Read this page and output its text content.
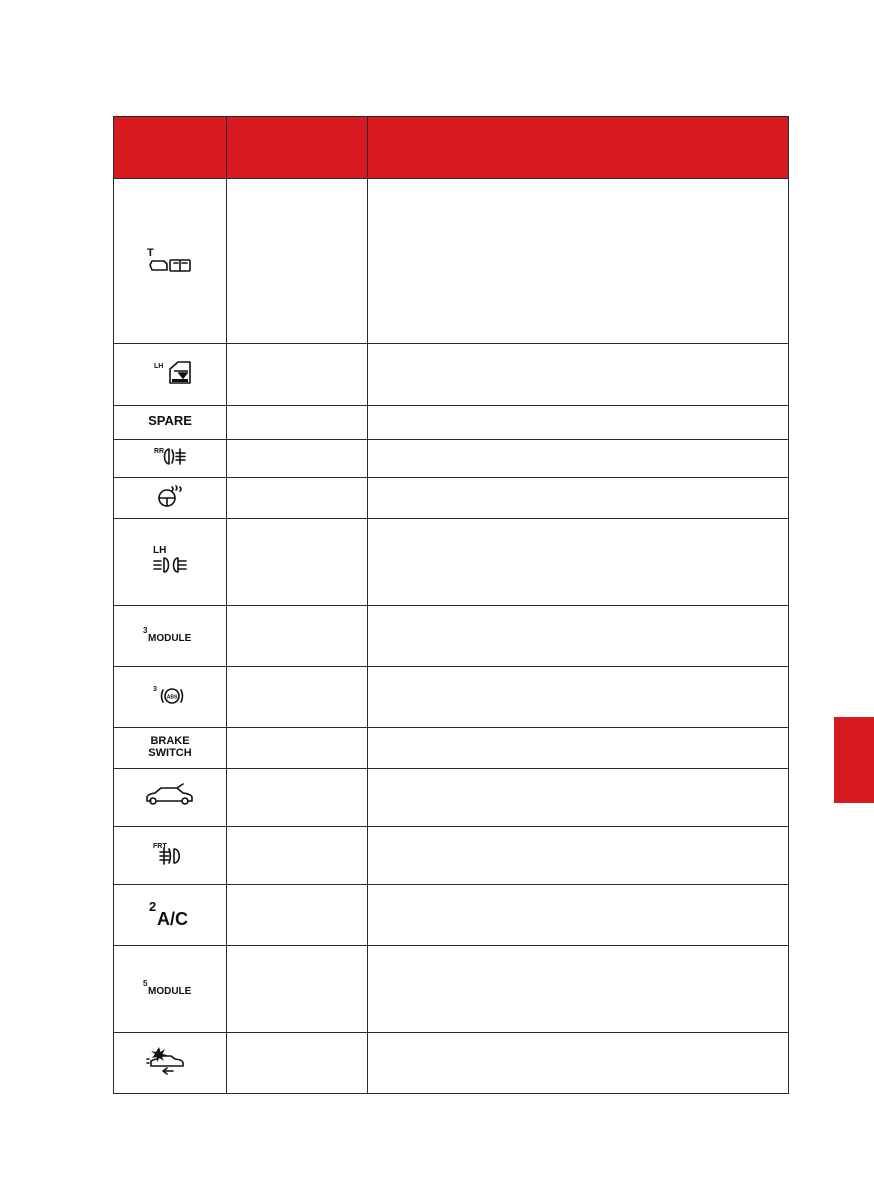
T		

LH		

SPARE		

RR		

LH		

3
MODULE		

3
ABS		

BRAKE
SWITCH		

FRT		

2
A/C		

5
MODULE		
